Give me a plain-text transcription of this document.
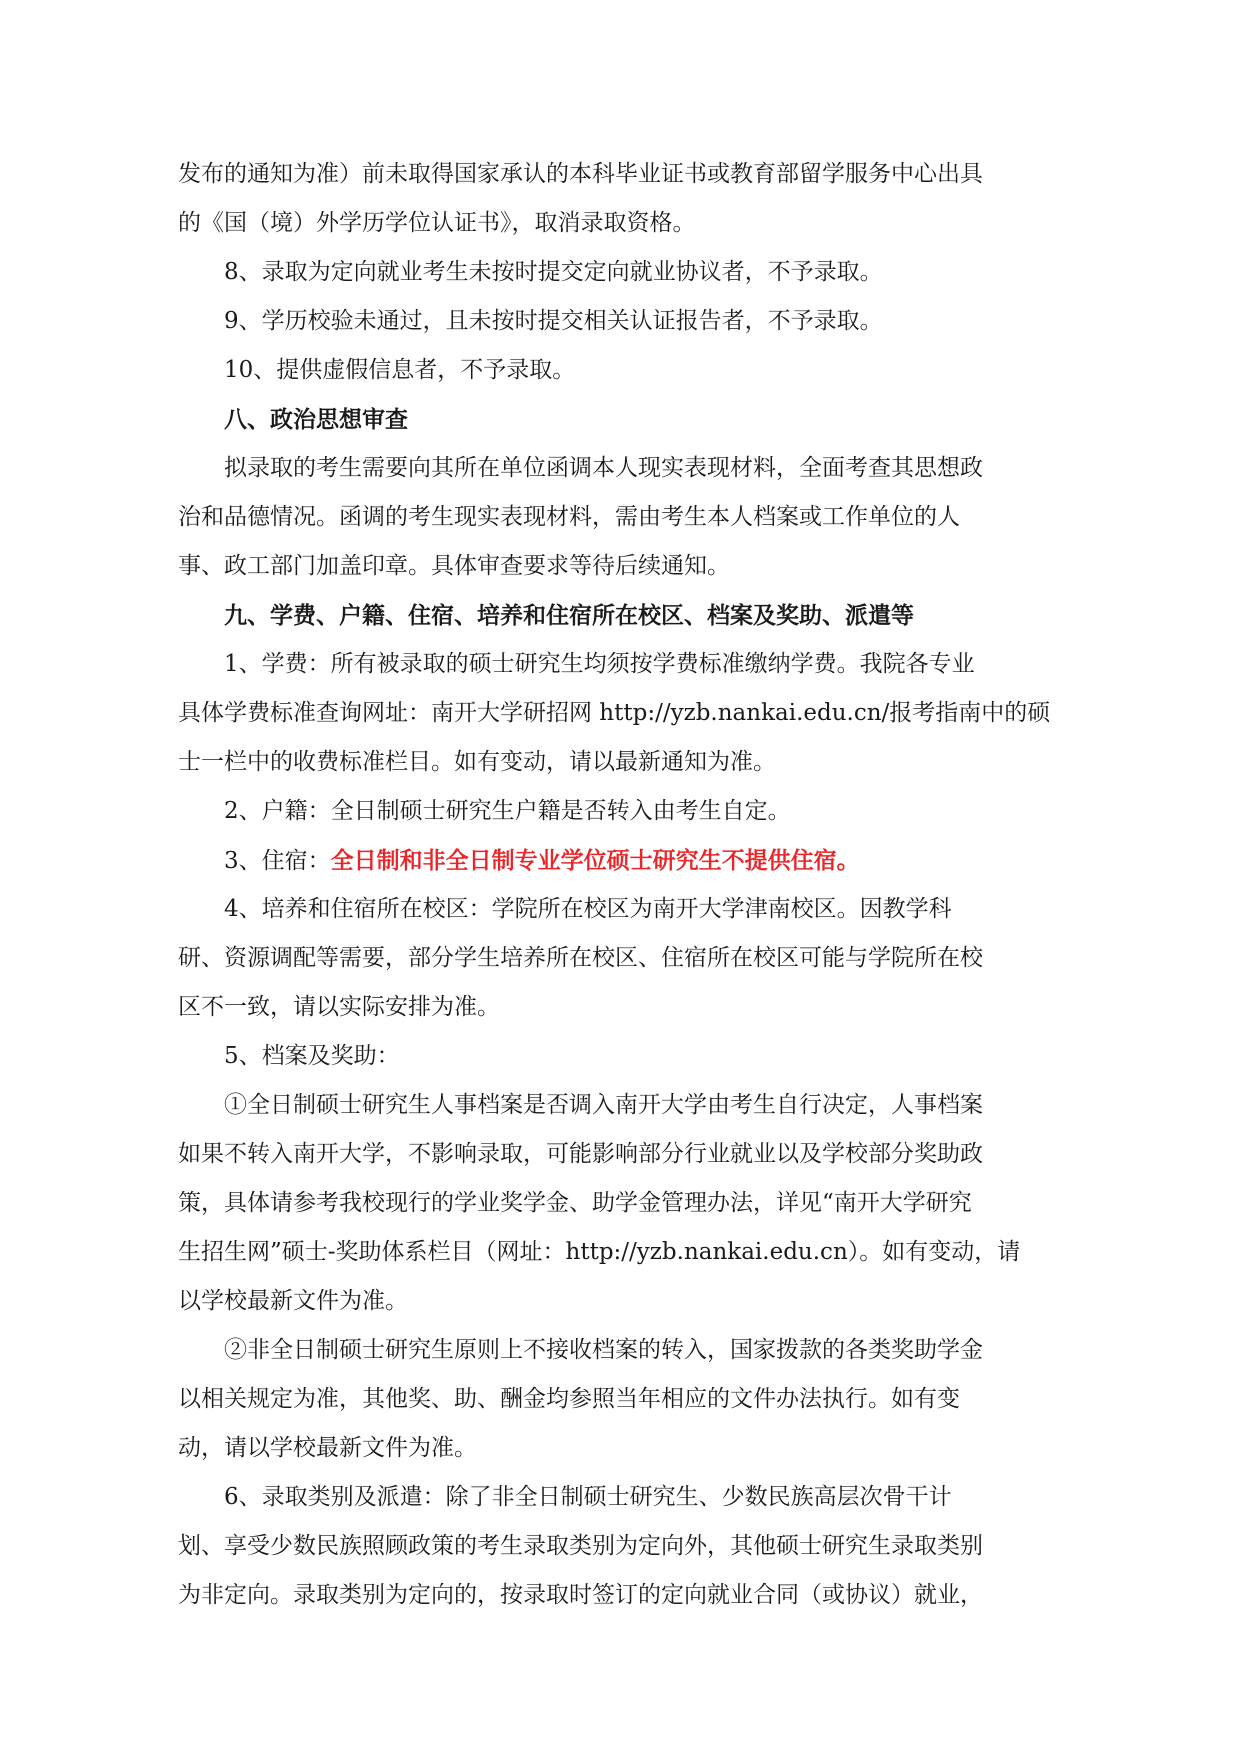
发布的通知为准）前未取得国家承认的本科毕业证书或教育部留学服务中心出具
的《国（境）外学历学位认证书》，取消录取资格。
8、录取为定向就业考生未按时提交定向就业协议者，不予录取。
9、学历校验未通过，且未按时提交相关认证报告者，不予录取。
10、提供虚假信息者，不予录取。
八、政治思想审查
拟录取的考生需要向其所在单位函调本人现实表现材料，全面考查其思想政
治和品德情况。函调的考生现实表现材料，需由考生本人档案或工作单位的人
事、政工部门加盖印章。具体审查要求等待后续通知。
九、学费、户籍、住宿、培养和住宿所在校区、档案及奖助、派遣等
1、学费：所有被录取的硕士研究生均须按学费标准缴纳学费。我院各专业
具体学费标准查询网址：南开大学研招网 http://yzb.nankai.edu.cn/报考指南中的硕
士一栏中的收费标准栏目。如有变动，请以最新通知为准。
2、户籍：全日制硕士研究生户籍是否转入由考生自定。
3、住宿：全日制和非全日制专业学位硕士研究生不提供住宿。
4、培养和住宿所在校区：学院所在校区为南开大学津南校区。因教学科
研、资源调配等需要，部分学生培养所在校区、住宿所在校区可能与学院所在校
区不一致，请以实际安排为准。
5、档案及奖助：
①全日制硕士研究生人事档案是否调入南开大学由考生自行决定，人事档案
如果不转入南开大学，不影响录取，可能影响部分行业就业以及学校部分奖助政
策，具体请参考我校现行的学业奖学金、助学金管理办法，详见“南开大学研究
生招生网”硕士-奖助体系栏目（网址：http://yzb.nankai.edu.cn）。如有变动，请
以学校最新文件为准。
②非全日制硕士研究生原则上不接收档案的转入，国家拨款的各类奖助学金
以相关规定为准，其他奖、助、酬金均参照当年相应的文件办法执行。如有变
动，请以学校最新文件为准。
6、录取类别及派遣：除了非全日制硕士研究生、少数民族高层次骨干计
划、享受少数民族照顾政策的考生录取类别为定向外，其他硕士研究生录取类别
为非定向。录取类别为定向的，按录取时签订的定向就业合同（或协议）就业，
